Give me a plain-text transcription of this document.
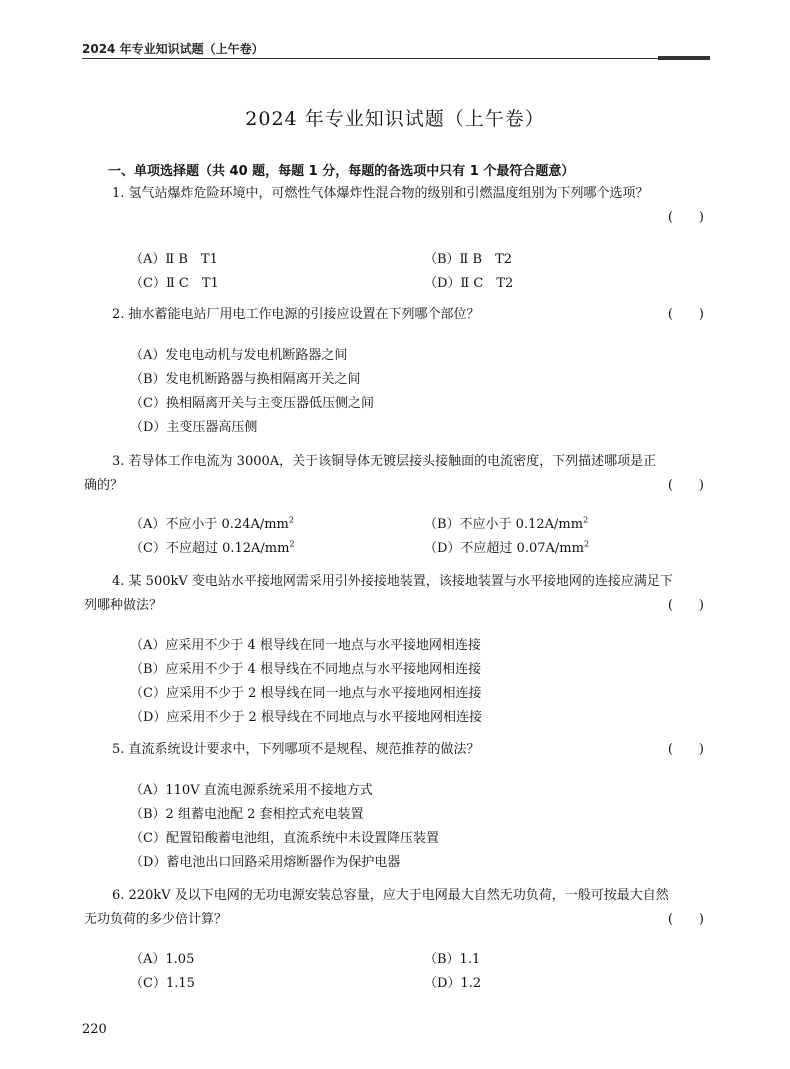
2024 年专业知识试题（上午卷）
2024 年专业知识试题（上午卷）
一、单项选择题（共 40 题，每题 1 分，每题的备选项中只有 1 个最符合题意）
1. 氢气站爆炸危险环境中，可燃性气体爆炸性混合物的级别和引燃温度组别为下列哪个选项？
(　　)
（A）Ⅱ B　T1	（B）Ⅱ B　T2
（C）Ⅱ C　T1	（D）Ⅱ C　T2
2. 抽水蓄能电站厂用电工作电源的引接应设置在下列哪个部位？	(　　)
（A）发电电动机与发电机断路器之间
（B）发电机断路器与换相隔离开关之间
（C）换相隔离开关与主变压器低压侧之间
（D）主变压器高压侧
3. 若导体工作电流为 3000A，关于该铜导体无镀层接头接触面的电流密度，下列描述哪项是正
确的？	(　　)
（A）不应小于 $0.24A/mm^2$	（B）不应小于 $0.12A/mm^2$
（C）不应超过 $0.12A/mm^2$	（D）不应超过 $0.07A/mm^2$
4. 某 500kV 变电站水平接地网需采用引外接接地装置，该接地装置与水平接地网的连接应满足下
列哪种做法？	(　　)
（A）应采用不少于 4 根导线在同一地点与水平接地网相连接
（B）应采用不少于 4 根导线在不同地点与水平接地网相连接
（C）应采用不少于 2 根导线在同一地点与水平接地网相连接
（D）应采用不少于 2 根导线在不同地点与水平接地网相连接
5. 直流系统设计要求中，下列哪项不是规程、规范推荐的做法？	(　　)
（A）110V 直流电源系统采用不接地方式
（B）2 组蓄电池配 2 套相控式充电装置
（C）配置铅酸蓄电池组，直流系统中未设置降压装置
（D）蓄电池出口回路采用熔断器作为保护电器
6. 220kV 及以下电网的无功电源安装总容量，应大于电网最大自然无功负荷，一般可按最大自然
无功负荷的多少倍计算？	(　　)
（A）1.05	（B）1.1
（C）1.15	（D）1.2
220
